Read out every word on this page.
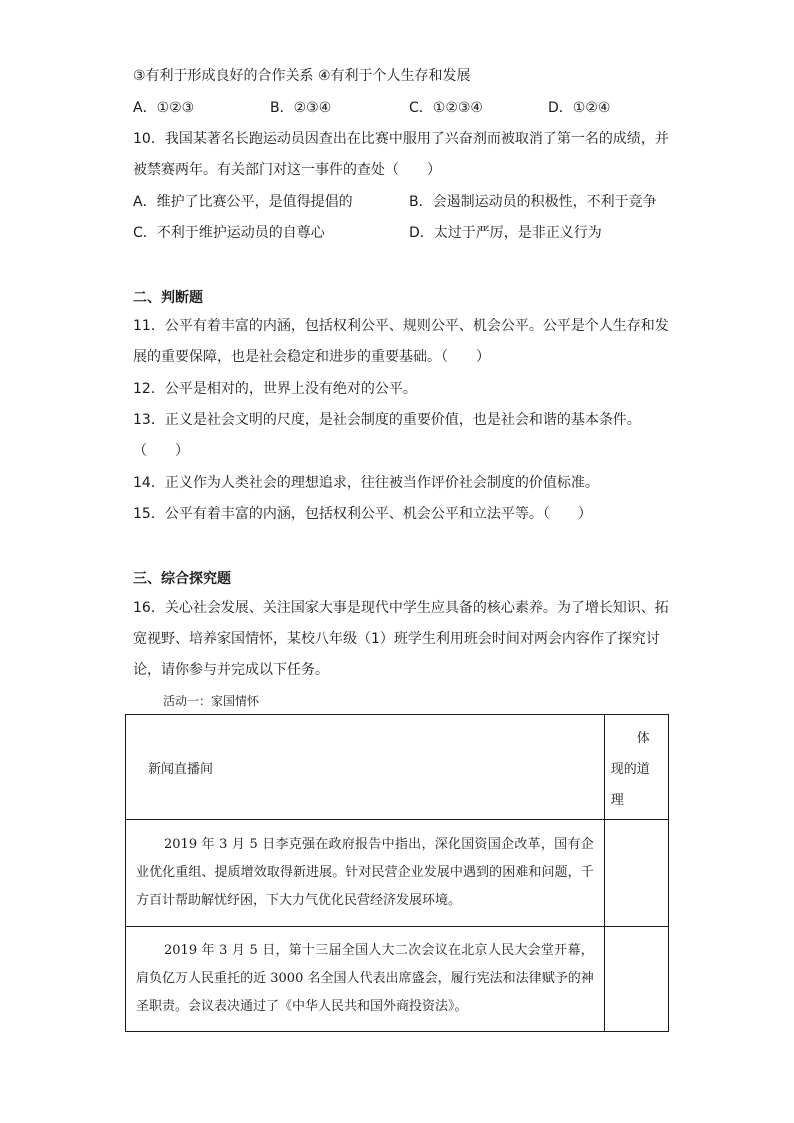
③有利于形成良好的合作关系 ④有利于个人生存和发展
A．①②③	B．②③④	C．①②③④	D．①②④
10．我国某著名长跑运动员因查出在比赛中服用了兴奋剂而被取消了第一名的成绩，并
被禁赛两年。有关部门对这一事件的查处（　　）
A．维护了比赛公平，是值得提倡的	B．会遏制运动员的积极性，不利于竞争
C．不利于维护运动员的自尊心	D．太过于严厉，是非正义行为
二、判断题
11．公平有着丰富的内涵，包括权利公平、规则公平、机会公平。公平是个人生存和发
展的重要保障，也是社会稳定和进步的重要基础。（　　）
12．公平是相对的，世界上没有绝对的公平。
13．正义是社会文明的尺度，是社会制度的重要价值，也是社会和谐的基本条件。
（　　）
14．正义作为人类社会的理想追求，往往被当作评价社会制度的价值标准。
15．公平有着丰富的内涵，包括权利公平、机会公平和立法平等。（　　）
三、综合探究题
16．关心社会发展、关注国家大事是现代中学生应具备的核心素养。为了增长知识、拓
宽视野、培养家国情怀，某校八年级（1）班学生利用班会时间对两会内容作了探究讨
论，请你参与并完成以下任务。
活动一：家国情怀
新闻直播间	体
现的道
理

2019 年 3 月 5 日李克强在政府报告中指出，深化国资国企改革，国有企业优化重组、提质增效取得新进展。针对民营企业发展中遇到的困难和问题，千方百计帮助解忧纾困，下大力气优化民营经济发展环境。	
2019 年 3 月 5 日，第十三届全国人大二次会议在北京人民大会堂开幕，肩负亿万人民重托的近 3000 名全国人代表出席盛会，履行宪法和法律赋予的神圣职责。会议表决通过了《中华人民共和国外商投资法》。	
